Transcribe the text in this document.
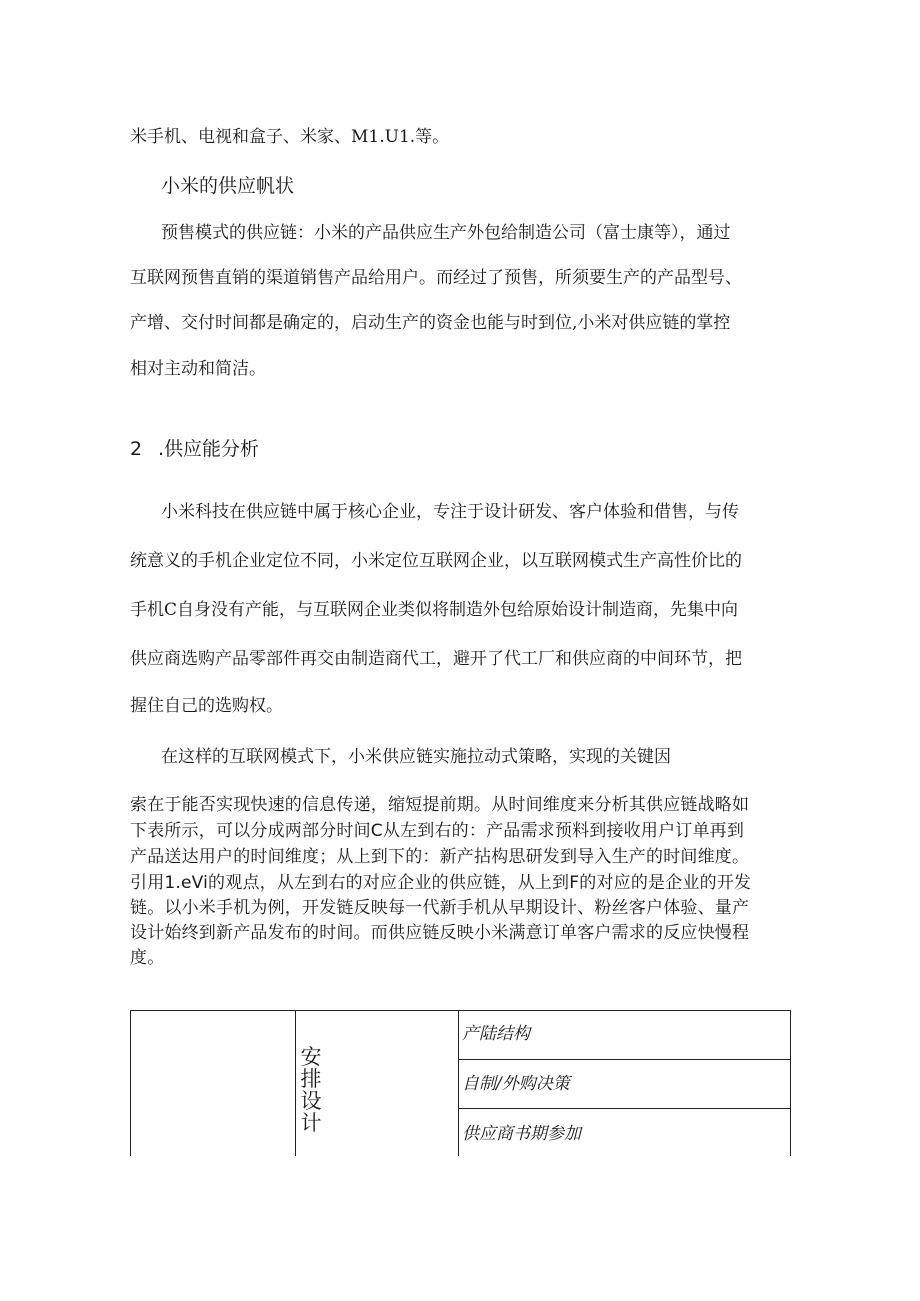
米手机、电视和盒子、米家、M1.U1.等。
小米的供应帆状
预售模式的供应链：小米的产品供应生产外包给制造公司（富士康等），通过
互联网预售直销的渠道销售产品给用户。而经过了预售，所须要生产的产品型号、
产增、交付时间都是确定的，启动生产的资金也能与时到位,小米对供应链的掌控
相对主动和简洁。
2 .供应能分析
小米科技在供应链中属于核心企业，专注于设计研发、客户体验和借售，与传
统意义的手机企业定位不同，小米定位互联网企业，以互联网模式生产高性价比的
手机C自身没有产能，与互联网企业类似将制造外包给原始设计制造商，先集中向
供应商选购产品零部件再交由制造商代工，避开了代工厂和供应商的中间环节，把
握住自己的选购权。
在这样的互联网模式下，小米供应链实施拉动式策略，实现的关键因
索在于能否实现快速的信息传递，缩短提前期。从时间维度来分析其供应链战略如
下表所示，可以分成两部分时间C从左到右的：产品需求预料到接收用户订单再到
产品送达用户的时间维度；从上到下的：新产拈构思研发到导入生产的时间维度。
引用1.eVi的观点，从左到右的对应企业的供应链，从上到F的对应的是企业的开发
链。以小米手机为例，开发链反映每一代新手机从早期设计、粉丝客户体验、量产
设计始终到新产品发布的时间。而供应链反映小米满意订单客户需求的反应快慢程
度。
安
排
设
计
产陆结构
自制/外购决策
供应商书期参加
